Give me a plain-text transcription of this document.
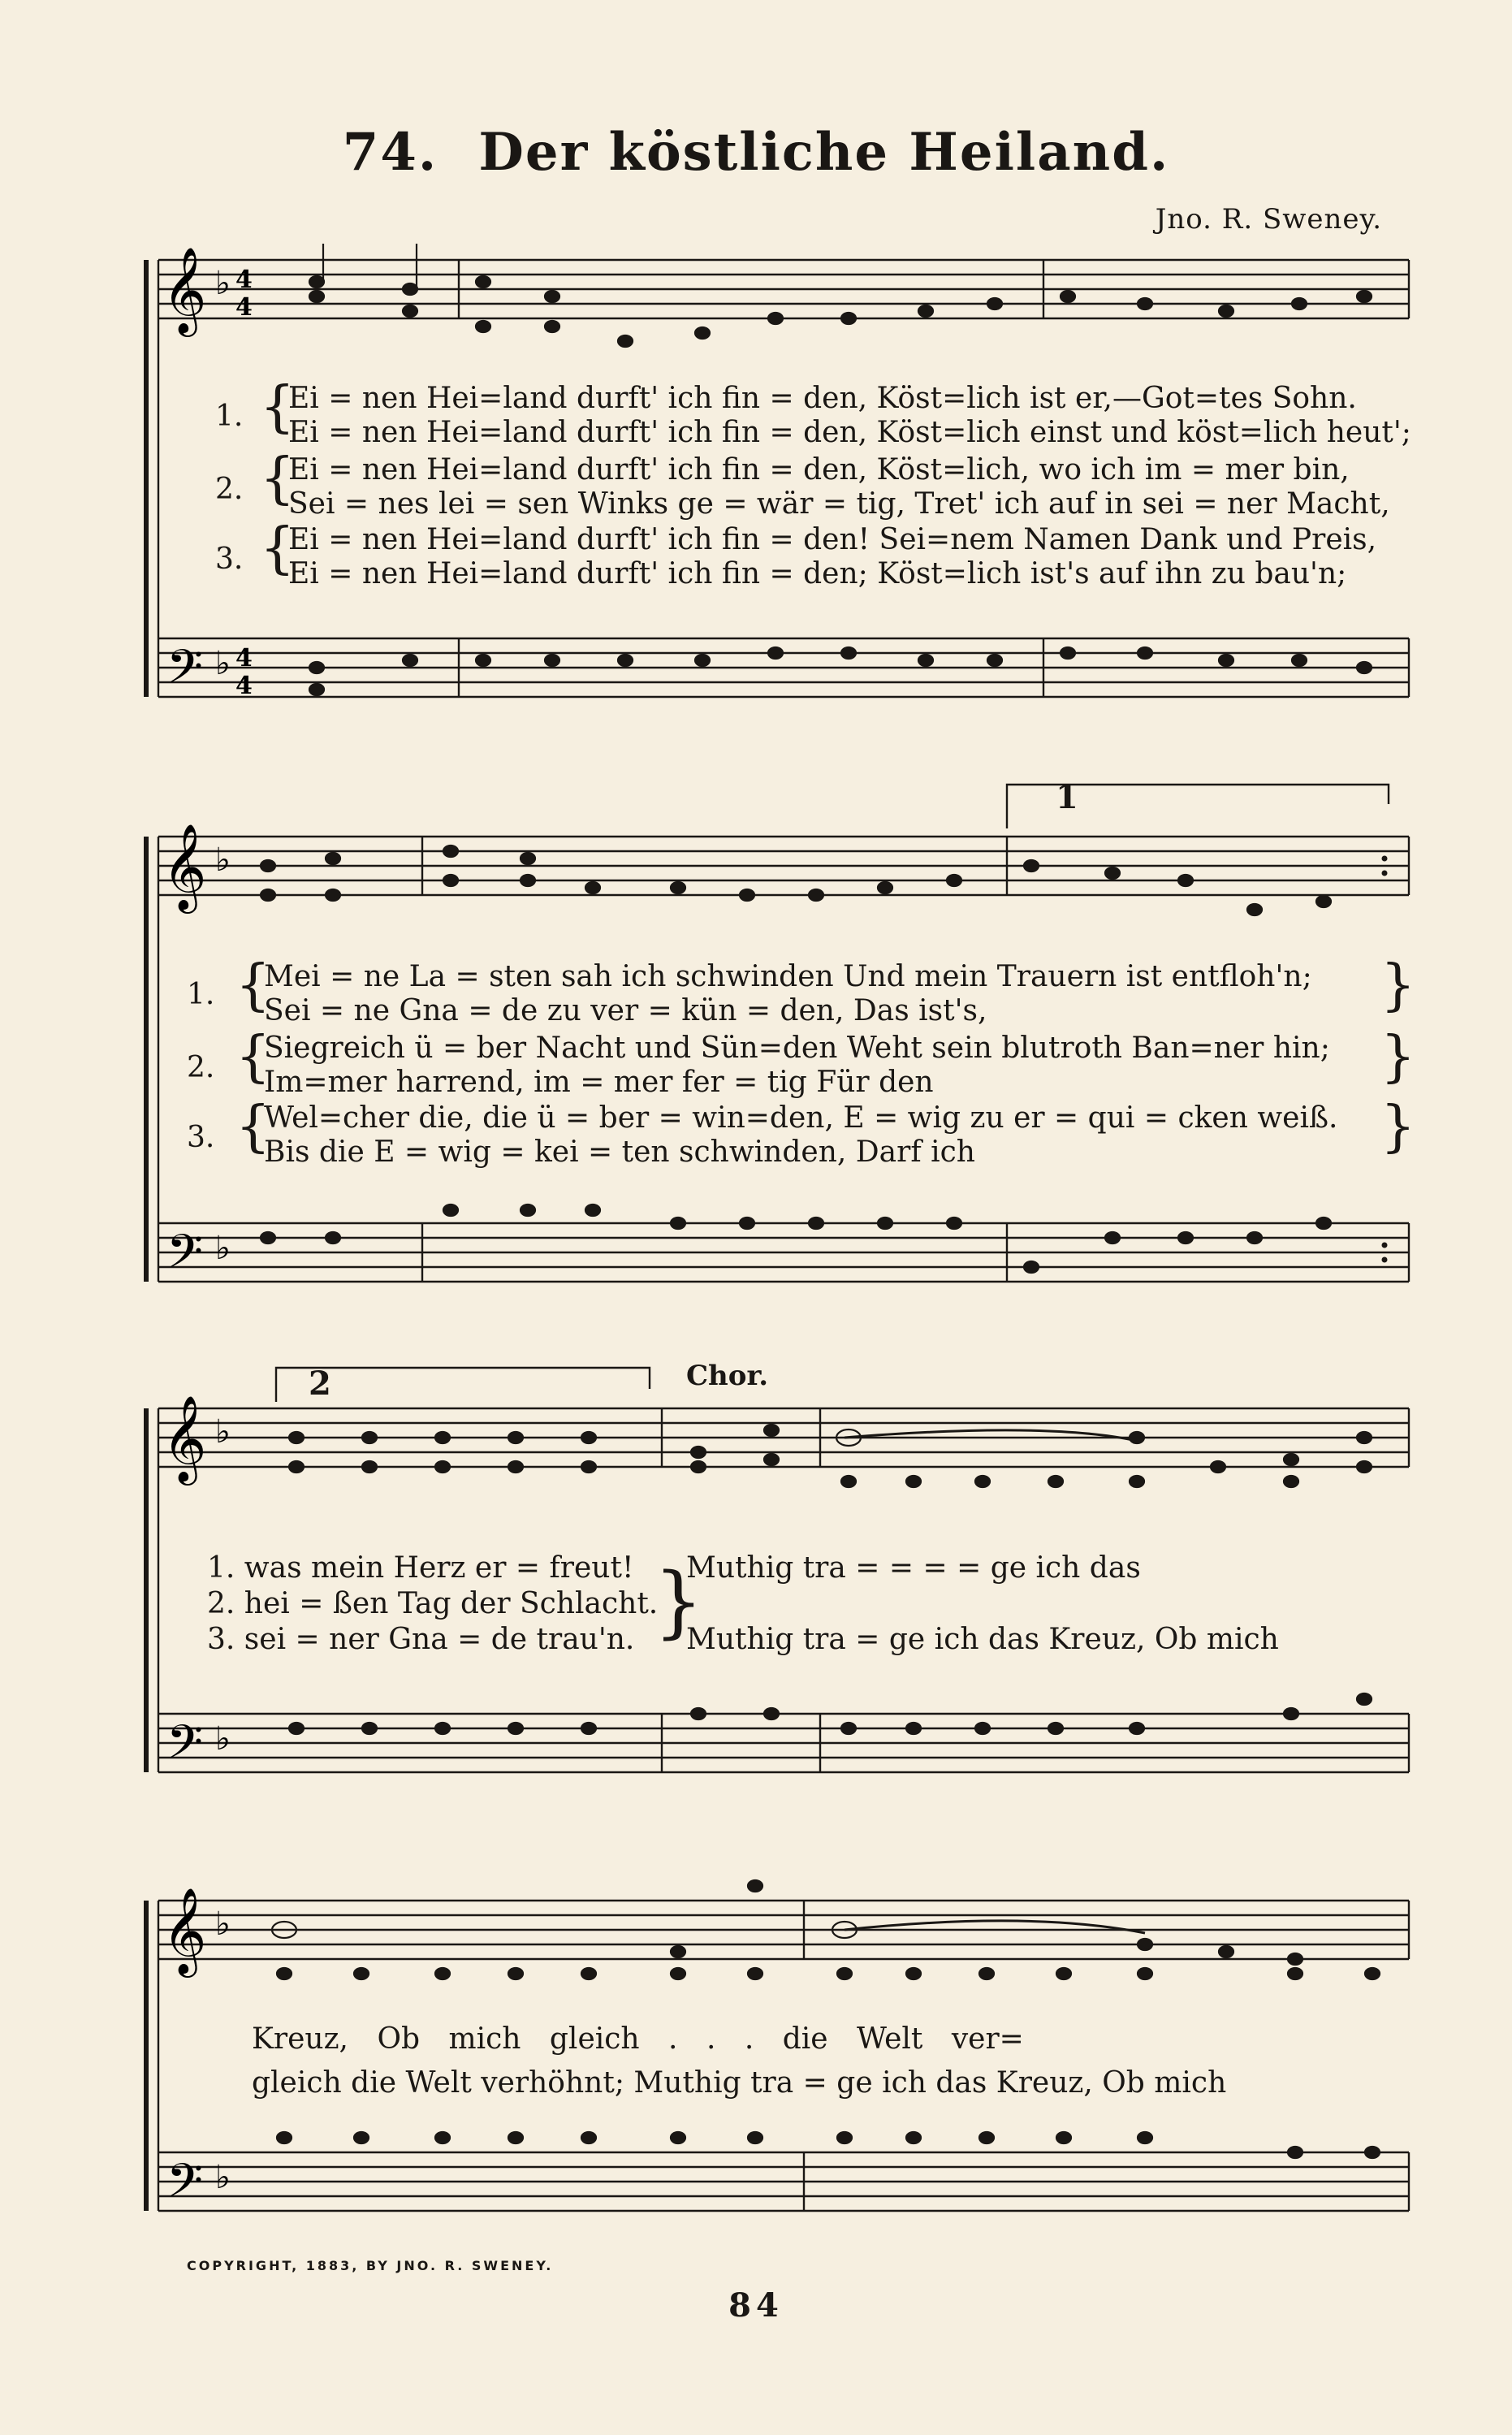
74. Der köstliche Heiland.
Jno. R. Sweney.
𝄞 ♭ 4
4
𝄢 ♭ 4
4
1. {
Ei = nen Hei=land durft' ich fin = den, Köst=lich ist er,—Got=tes Sohn.
Ei = nen Hei=land durft' ich fin = den, Köst=lich einst und köst=lich heut';
2. {
Ei = nen Hei=land durft' ich fin = den, Köst=lich, wo ich im = mer bin,
Sei = nes lei = sen Winks ge = wär = tig, Tret' ich auf in sei = ner Macht,
3. {
Ei = nen Hei=land durft' ich fin = den! Sei=nem Namen Dank und Preis,
Ei = nen Hei=land durft' ich fin = den; Köst=lich ist's auf ihn zu bau'n;
𝄞 ♭
𝄢 ♭
1
1. {
Mei = ne La = sten sah ich schwinden Und mein Trauern ist entfloh'n;
Sei = ne Gna = de zu ver = kün = den, Das ist's,	}
2. {
Siegreich ü = ber Nacht und Sün=den Weht sein blutroth Ban=ner hin;
Im=mer harrend, im = mer fer = tig Für den	}
3. {
Wel=cher die, die ü = ber = win=den, E = wig zu er = qui = cken weiß.
Bis die E = wig = kei = ten schwinden, Darf ich	}
𝄞 ♭
𝄢 ♭
2	Chor.
1. was mein Herz er = freut!
2. hei = ßen Tag der Schlacht.
3. sei = ner Gna = de trau'n. }
Muthig tra = = = = ge ich das
Muthig tra = ge ich das Kreuz, Ob mich
𝄞 ♭
𝄢 ♭
Kreuz, Ob mich gleich . . . die Welt ver=
gleich die Welt verhöhnt; Muthig tra = ge ich das Kreuz, Ob mich
COPYRIGHT, 1883, BY JNO. R. SWENEY.
84
